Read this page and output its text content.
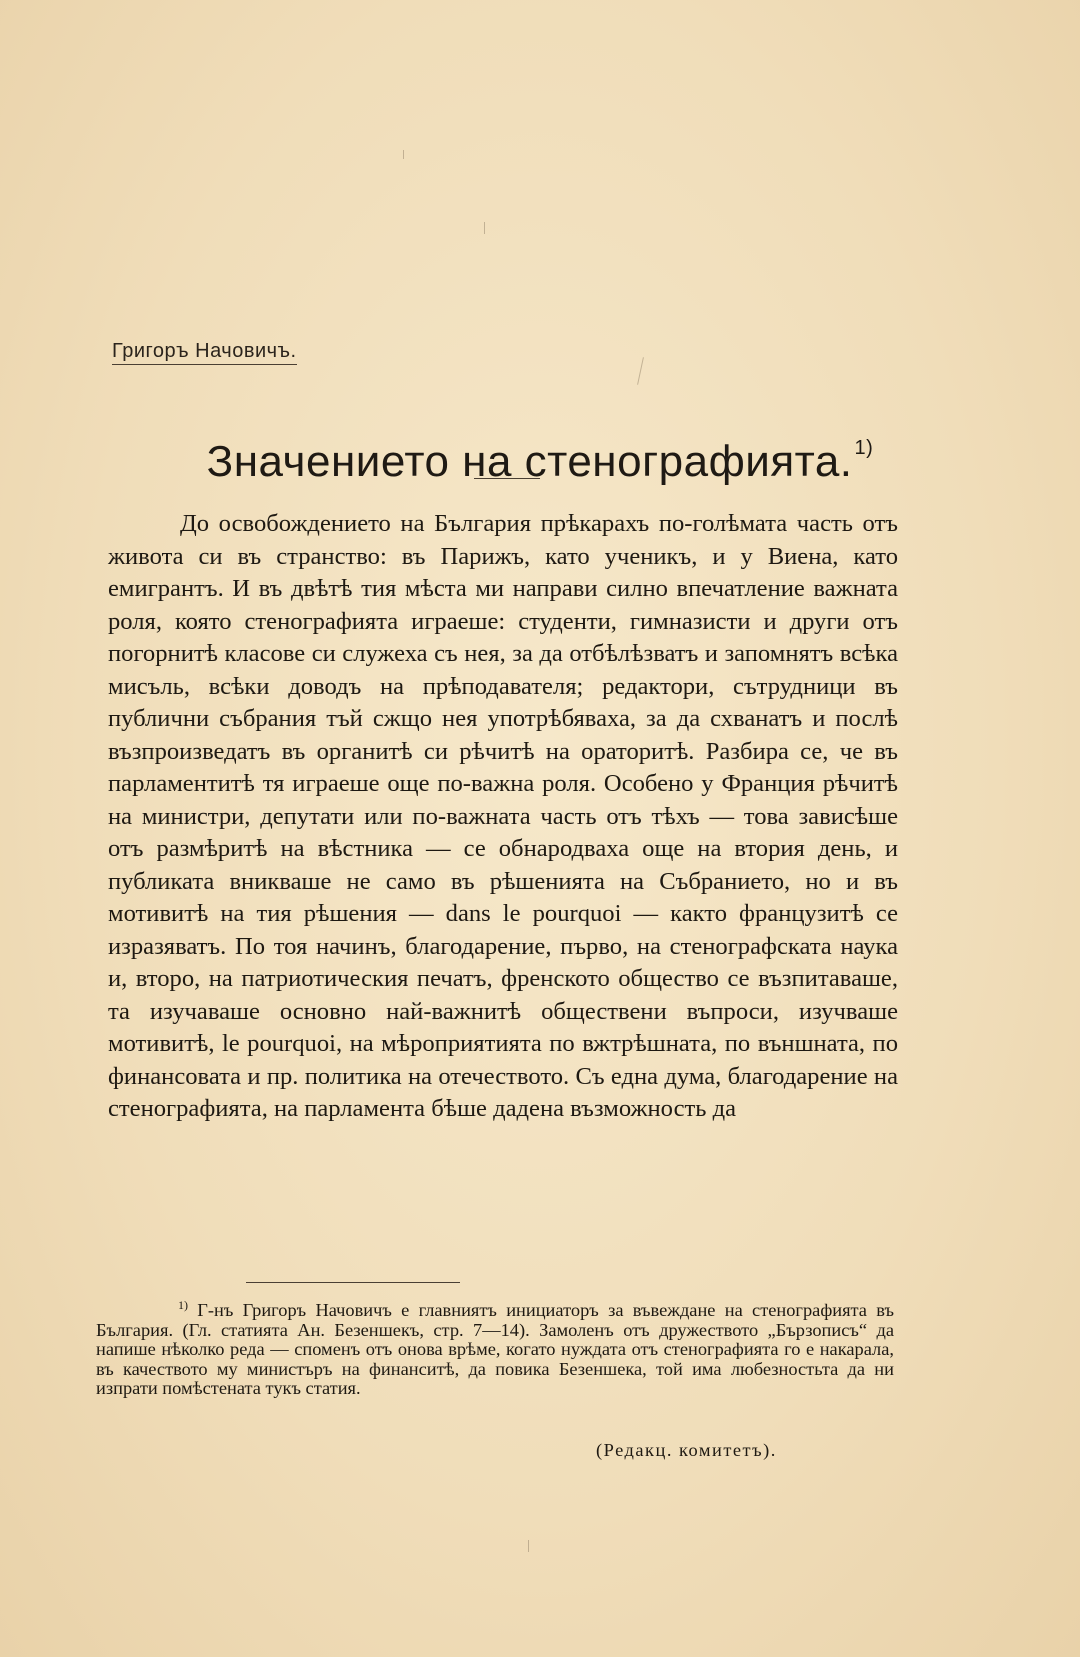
Григоръ Начовичъ.
Значението на стенографията. $^{1)}$

До освобождението на България прѣкарахъ по-голѣмата часть отъ живота си въ странство: въ Парижъ, като ученикъ, и у Виена, като емигрантъ. И въ двѣтѣ тия мѣста ми направи силно впечатление важната роля, която стенографията играеше: студенти, гимназисти и други отъ погорнитѣ класове си служеха съ нея, за да отбѣлѣзватъ и запомнятъ всѣка мисъль, всѣки доводъ на прѣподавателя; редактори, сътрудници въ публични събрания тъй сжщо нея употрѣбяваха, за да схванатъ и послѣ възпроизведатъ въ органитѣ си рѣчитѣ на ораторитѣ. Разбира се, че въ парламентитѣ тя играеше още по-важна роля. Особено у Франция рѣчитѣ на министри, депутати или по-важната часть отъ тѣхъ — това зависѣше отъ размѣритѣ на вѣстника — се обнародваха още на втория день, и публиката вникваше не само въ рѣшенията на Събранието, но и въ мотивитѣ на тия рѣшения — dans le pourquoi — както французитѣ се изразяватъ. По тоя начинъ, благодарение, първо, на стенографската наука и, второ, на патриотическия печатъ, френското общество се възпитаваше, та изучаваше основно най-важнитѣ обществени въпроси, изучваше мотивитѣ, le pourquoi, на мѣроприятията по вжтрѣшната, по външната, по финансовата и пр. политика на отечеството. Съ една дума, благодарение на стенографията, на парламента бѣше дадена възможность да

$^{1)}$ Г-нъ Григоръ Начовичъ е главниятъ инициаторъ за въвеждане на стенографията въ България. (Гл. статията Ан. Безеншекъ, стр. 7—14). Замоленъ отъ дружеството „Бързописъ“ да напише нѣколко реда — споменъ отъ онова врѣме, когато нуждата отъ стенографията го е накарала, въ качеството му министъръ на финанситѣ, да повика Безеншека, той има любезностьта да ни изпрати помѣстената тукъ статия.

(Редакц. комитетъ).
